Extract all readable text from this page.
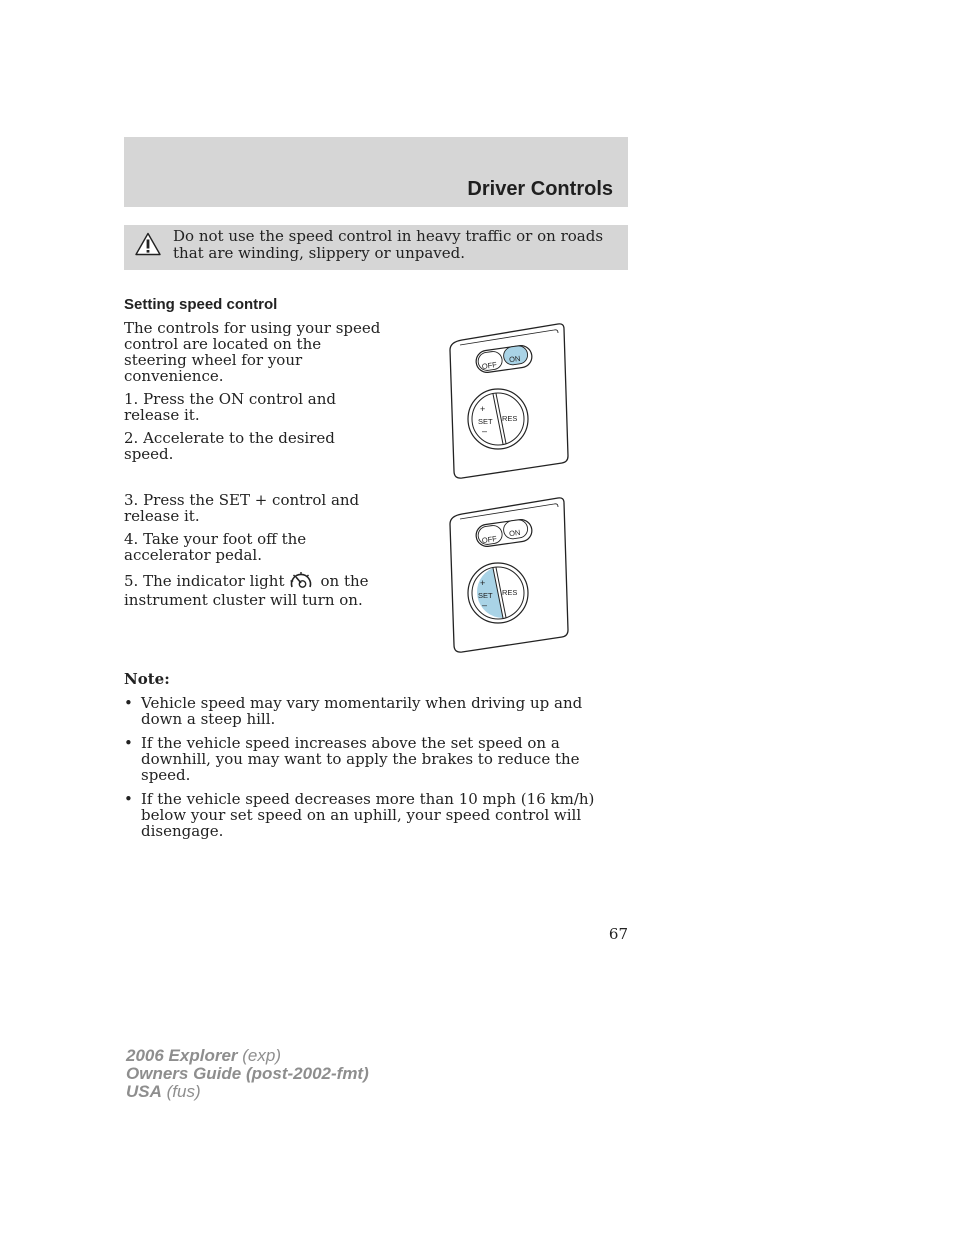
Driver Controls
Do not use the speed control in heavy traffic or on roads that are winding, slippery or unpaved.
Setting speed control

The controls for using your speed control are located on the steering wheel for your convenience.

1. Press the ON control and release it.

2. Accelerate to the desired speed.

3. Press the SET + control and release it.

4. Take your foot off the accelerator pedal.

5. The indicator light on the instrument cluster will turn on.

OFF
ON
+
SET
–
RES
OFF
ON
+
SET
–
RES
Note:
• Vehicle speed may vary momentarily when driving up and down a steep hill.
• If the vehicle speed increases above the set speed on a downhill, you may want to apply the brakes to reduce the speed.
• If the vehicle speed decreases more than 10 mph (16 km/h) below your set speed on an uphill, your speed control will disengage.
67
2006 Explorer (exp)
Owners Guide (post-2002-fmt)
USA (fus)
